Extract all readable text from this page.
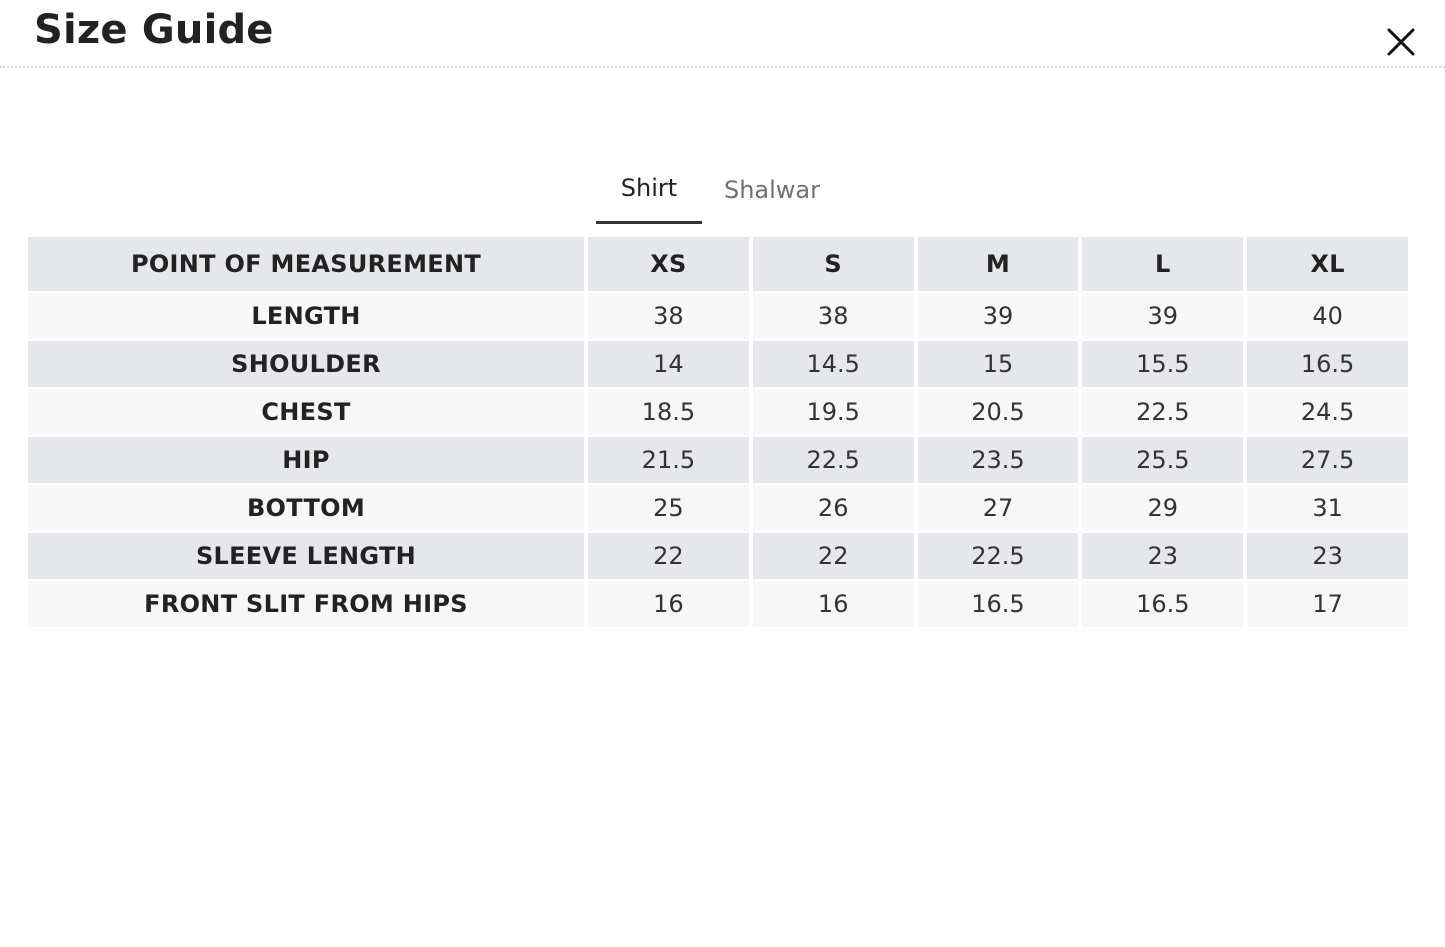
Size Guide
Shirt	Shalwar
POINT OF MEASUREMENT	XS	S	M	L	XL
LENGTH	38	38	39	39	40
SHOULDER	14	14.5	15	15.5	16.5
CHEST	18.5	19.5	20.5	22.5	24.5
HIP	21.5	22.5	23.5	25.5	27.5
BOTTOM	25	26	27	29	31
SLEEVE LENGTH	22	22	22.5	23	23
FRONT SLIT FROM HIPS	16	16	16.5	16.5	17
